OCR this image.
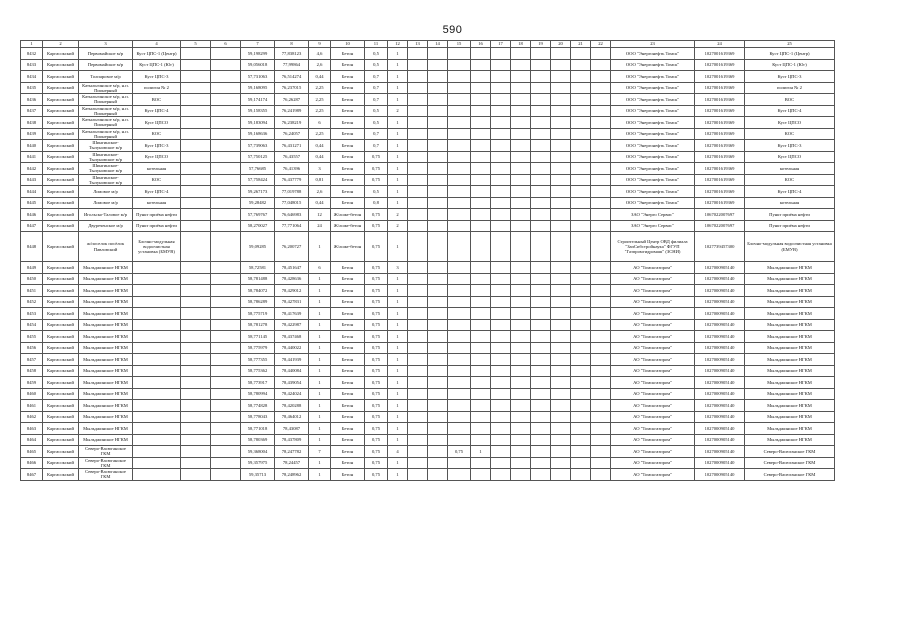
590
1	2	3	4	5	6	7	8	9	10	11	12	13	14	15	16	17	18	19	20	21	22	23	24	25
8432	Каргасокский	Первомайское м/р	Куст ЦПС-1 (Центр)			59,198299	77,838123	4,6	Бетон	0,5	1											ООО "Энергонефть Томск"	1027001619369	Куст ЦПС-1 (Центр)
8433	Каргасокский	Первомайское м/р	Куст ЦПС-1 (Юг)			59,056018	77,99864	2,6	Бетон	0,5	1											ООО "Энергонефть Томск"	1027001619369	Куст ЦПС-1 (Юг)
8434	Каргасокский	Толпаровое м/р	Куст ЦПС-3			57,731063	76,514274	0,44	Бетон	0,7	1											ООО "Энергонефть Томск"	1027001619369	Куст ЦПС-3
8435	Каргасокский	Катыльгинское м/р, н.п. Пионерный	полигон № 2			59,168095	76,237015	2,25	Бетон	0,7	1											ООО "Энергонефть Томск"	1027001619369	полигон № 2
8436	Каргасокский	Катыльгинское м/р, н.п. Пионерный	ВОС			59,174174	76,26287	2,25	Бетон	0,7	1											ООО "Энергонефть Томск"	1027001619369	ВОС
8437	Каргасокский	Катыльгинское м/р, н.п. Пионерный	Куст ЦПС-4			59,158355	76,241989	2,25	Бетон	0,5	2											ООО "Энергонефть Томск"	1027001619369	Куст ЦПС-4
8438	Каргасокский	Катыльгинское м/р, н.п. Пионерный	Куст ЦПСО			59,183094	76,238219	6	Бетон	0,5	1											ООО "Энергонефть Томск"	1027001619369	Куст ЦПСО
8439	Каргасокский	Катыльгинское м/р, н.п. Пионерный	КОС			59,168636	76,24057	2,25	Бетон	0,7	1											ООО "Энергонефть Томск"	1027001619369	КОС
8440	Каргасокский	Шингинское-Тылуновское м/р	Куст ЦПС-3			57,739063	76,431271	0,44	Бетон	0,7	1											ООО "Энергонефть Томск"	1027001619369	Куст ЦПС-3
8441	Каргасокский	Шингинское-Тылуновское м/р	Куст ЦПСО			57,750125	76,43557	0,44	Бетон	0,75	1											ООО "Энергонефть Томск"	1027001619369	Куст ЦПСО
8442	Каргасокский	Шингинское-Тылуновское м/р	котельная			57,76685	76,41396	3	Бетон	0,75	1											ООО "Энергонефть Томск"	1027001619369	котельная
8443	Каргасокский	Шингинское-Тылуновское м/р	КОС			57,758424	76,437779	0,81	Бетон	0,75	1											ООО "Энергонефть Томск"	1027001619369	КОС
8444	Каргасокский	Ломовое м/р	Куст ЦПС-4			59,267173	77,019788	2,6	Бетон	0,5	1											ООО "Энергонефть Томск"	1027001619369	Куст ЦПС-4
8445	Каргасокский	Ломовое м/р	котельная			59,28482	77,048015	0,44	Бетон	0,8	1											ООО "Энергонефть Томск"	1027001619369	котельная
8446	Каргасокский	Игольско-Таловое м/р	Пункт приёма нефти			57,769767	76,646983	12	Ж/ложе-бетон	0,75	2											ЗАО "Энерго Сервис"	1067022007697	Пункт приёма нефти
8447	Каргасокский	Двуреченское м/р	Пункт приёма нефти			58,270027	77,771064	24	Ж/ложе-бетон	0,75	2											ЗАО "Энерго Сервис"	1067022007697	Пункт приёма нефти
8448	Каргасокский	ж/поселок посёлок Павловский	Блочно-модульная водоочистная установка (БМУВ)			59,09285	76,200727	1	Ж/ложе-бетон	0,75	1											Строительный Центр ОВД филиала "ЗапСибстройнаука" ФГУП "Газпромгидромаш" (ЗСНИ)	1027739457300	Блочно-модульная водоочистная установка (БМУВ)
8449	Каргасокский	Мыльджинское НГКМ				58,72581	78,451647	6	Бетон	0,75	3											АО "Томскгазпром"	1027000905140	Мыльджинское НГКМ
8450	Каргасокский	Мыльджинское НГКМ				58,781488	78,428636	1	Бетон	0,75	1											АО "Томскгазпром"	1027000905140	Мыльджинское НГКМ
8451	Каргасокский	Мыльджинское НГКМ				58,784072	78,429012	1	Бетон	0,75	1											АО "Томскгазпром"	1027000905140	Мыльджинское НГКМ
8452	Каргасокский	Мыльджинское НГКМ				58,786289	78,427831	1	Бетон	0,75	1											АО "Томскгазпром"	1027000905140	Мыльджинское НГКМ
8453	Каргасокский	Мыльджинское НГКМ				58,775719	78,417639	1	Бетон	0,75	1											АО "Томскгазпром"	1027000905140	Мыльджинское НГКМ
8454	Каргасокский	Мыльджинское НГКМ				58,781278	78,422987	1	Бетон	0,75	1											АО "Томскгазпром"	1027000905140	Мыльджинское НГКМ
8455	Каргасокский	Мыльджинское НГКМ				58,771145	78,437468	1	Бетон	0,75	1											АО "Томскгазпром"	1027000905140	Мыльджинское НГКМ
8456	Каргасокский	Мыльджинское НГКМ				58,775979	78,440022	1	Бетон	0,75	1											АО "Томскгазпром"	1027000905140	Мыльджинское НГКМ
8457	Каргасокский	Мыльджинское НГКМ				58,777355	78,441939	1	Бетон	0,75	1											АО "Томскгазпром"	1027000905140	Мыльджинское НГКМ
8458	Каргасокский	Мыльджинское НГКМ				58,775362	78,440084	1	Бетон	0,75	1											АО "Томскгазпром"	1027000905140	Мыльджинское НГКМ
8459	Каргасокский	Мыльджинское НГКМ				58,773917	78,439054	1	Бетон	0,75	1											АО "Томскгазпром"	1027000905140	Мыльджинское НГКМ
8460	Каргасокский	Мыльджинское НГКМ				58,780994	78,424024	1	Бетон	0,75	1											АО "Томскгазпром"	1027000905140	Мыльджинское НГКМ
8461	Каргасокский	Мыльджинское НГКМ				58,774828	78,420288	1	Бетон	0,75	1											АО "Томскгазпром"	1027000905140	Мыльджинское НГКМ
8462	Каргасокский	Мыльджинское НГКМ				58,778043	78,464012	1	Бетон	0,75	1											АО "Томскгазпром"	1027000905140	Мыльджинское НГКМ
8463	Каргасокский	Мыльджинское НГКМ				58,771018	78,43087	1	Бетон	0,75	1											АО "Томскгазпром"	1027000905140	Мыльджинское НГКМ
8464	Каргасокский	Мыльджинское НГКМ				58,780369	78,437809	1	Бетон	0,75	1											АО "Томскгазпром"	1027000905140	Мыльджинское НГКМ
8465	Каргасокский	Северо-Васюганское ГКМ				59,368004	78,247782	7	Бетон	0,75	4			0,75	1							АО "Томскгазпром"	1027000905140	Северо-Васюганское ГКМ
8466	Каргасокский	Северо-Васюганское ГКМ				59,357975	78,24457	1	Бетон	0,75	1											АО "Томскгазпром"	1027000905140	Северо-Васюганское ГКМ
8467	Каргасокский	Северо-Васюганское ГКМ				59,35713	78,248962	1	Бетон	0,75	1											АО "Томскгазпром"	1027000905140	Северо-Васюганское ГКМ
